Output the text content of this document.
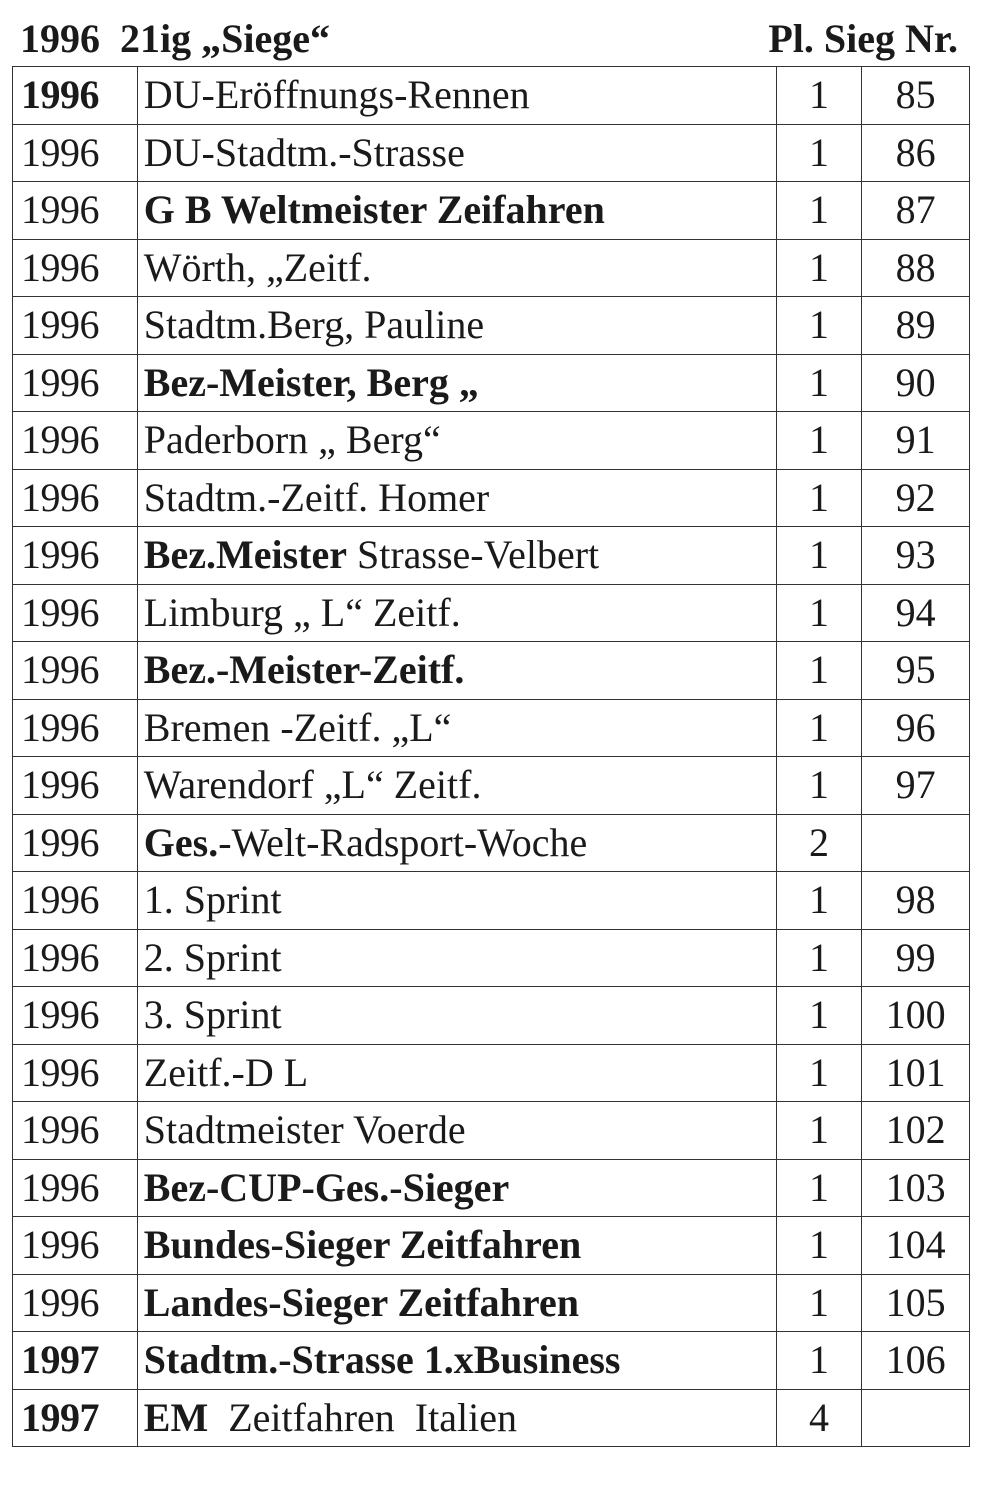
1996 21ig „Siege“	Pl. Sieg Nr.
1996	DU-Eröffnungs-Rennen	1	85
1996	DU-Stadtm.-Strasse	1	86
1996	G B Weltmeister Zeifahren	1	87
1996	Wörth, „Zeitf.	1	88
1996	Stadtm.Berg, Pauline	1	89
1996	Bez-Meister, Berg „	1	90
1996	Paderborn „ Berg“	1	91
1996	Stadtm.-Zeitf. Homer	1	92
1996	Bez.Meister Strasse-Velbert	1	93
1996	Limburg „ L“ Zeitf.	1	94
1996	Bez.-Meister-Zeitf.	1	95
1996	Bremen -Zeitf. „L“	1	96
1996	Warendorf „L“ Zeitf.	1	97
1996	Ges.-Welt-Radsport-Woche	2	
1996	1. Sprint	1	98
1996	2. Sprint	1	99
1996	3. Sprint	1	100
1996	Zeitf.-D L	1	101
1996	Stadtmeister Voerde	1	102
1996	Bez-CUP-Ges.-Sieger	1	103
1996	Bundes-Sieger Zeitfahren	1	104
1996	Landes-Sieger Zeitfahren	1	105
1997	Stadtm.-Strasse 1.xBusiness	1	106
1997	EM  Zeitfahren  Italien	4	
